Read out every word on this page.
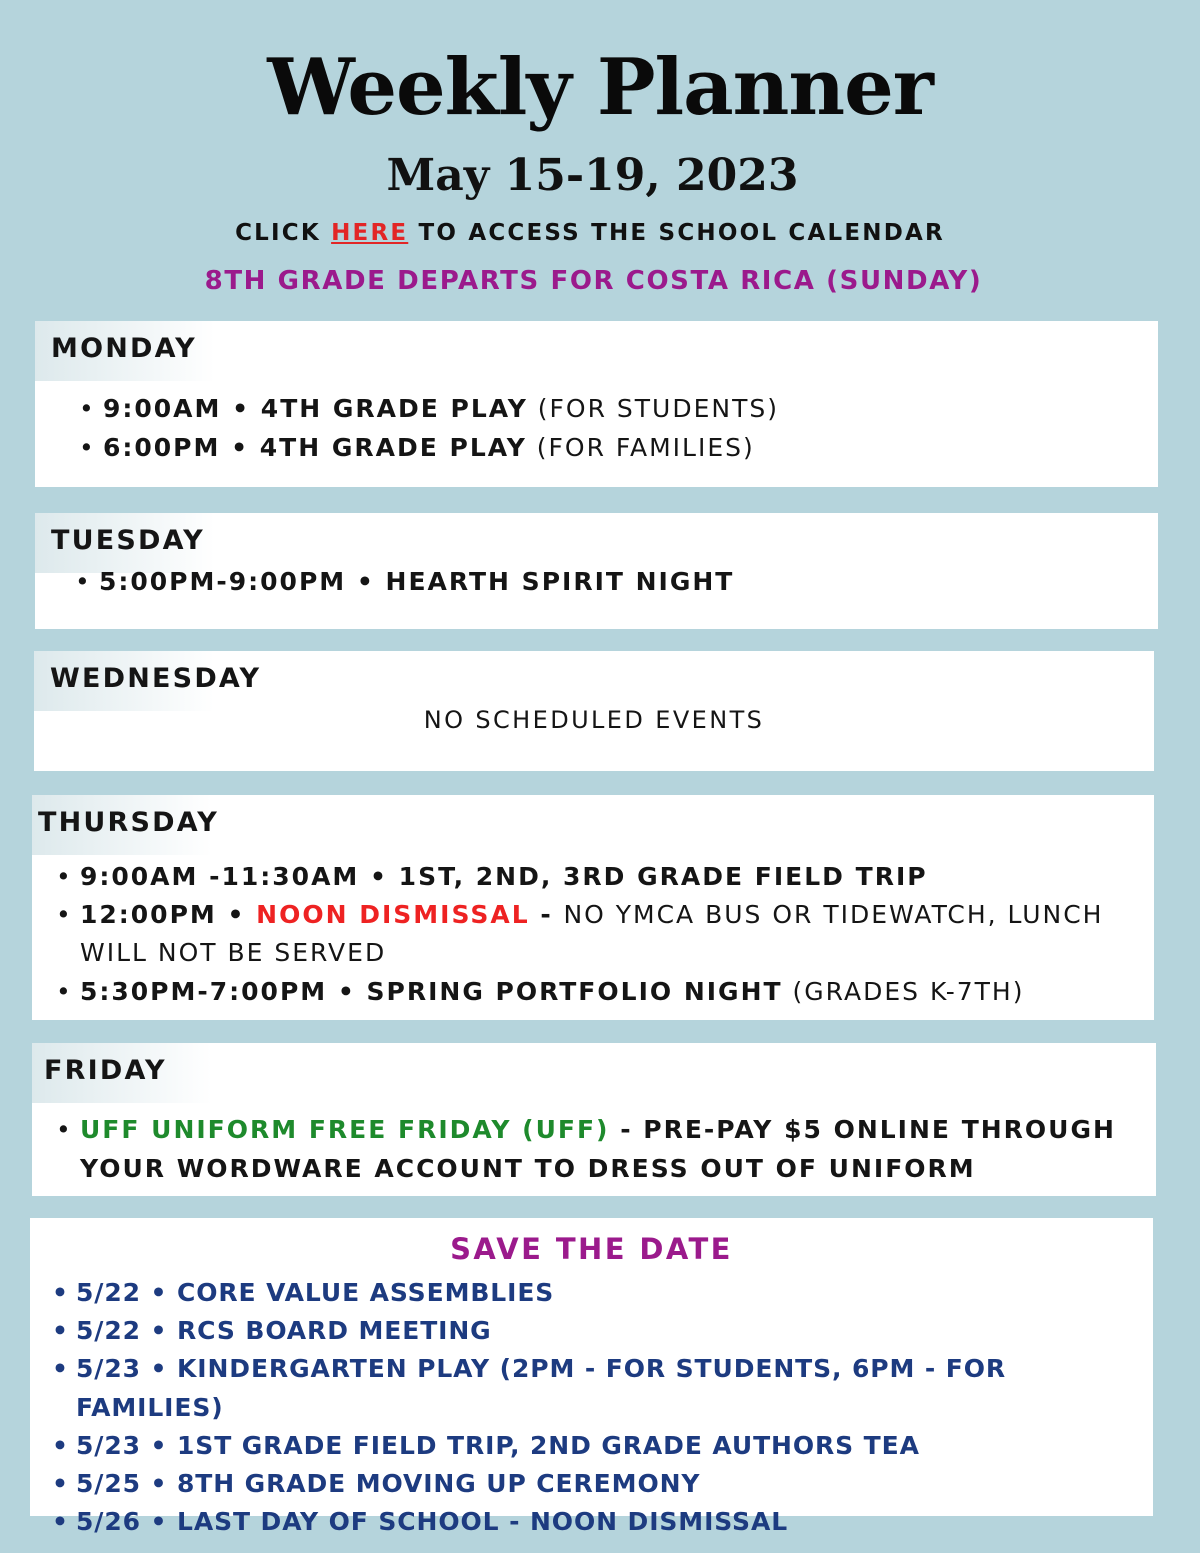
Weekly Planner
May 15-19, 2023
CLICK HERE TO ACCESS THE SCHOOL CALENDAR
8TH GRADE DEPARTS FOR COSTA RICA (SUNDAY)
MONDAY
• 9:00AM • 4TH GRADE PLAY (FOR STUDENTS)
• 6:00PM • 4TH GRADE PLAY (FOR FAMILIES)
TUESDAY
• 5:00PM-9:00PM • HEARTH SPIRIT NIGHT
WEDNESDAY
NO SCHEDULED EVENTS
THURSDAY
• 9:00AM -11:30AM • 1ST, 2ND, 3RD GRADE FIELD TRIP
• 12:00PM • NOON DISMISSAL - NO YMCA BUS OR TIDEWATCH, LUNCH WILL NOT BE SERVED
• 5:30PM-7:00PM • SPRING PORTFOLIO NIGHT (GRADES K-7TH)
FRIDAY
• UFF UNIFORM FREE FRIDAY (UFF) - PRE-PAY $5 ONLINE THROUGH YOUR WORDWARE ACCOUNT TO DRESS OUT OF UNIFORM
SAVE THE DATE
• 5/22 • CORE VALUE ASSEMBLIES
• 5/22 • RCS BOARD MEETING
• 5/23 • KINDERGARTEN PLAY (2PM - FOR STUDENTS, 6PM - FOR FAMILIES)
• 5/23 • 1ST GRADE FIELD TRIP, 2ND GRADE AUTHORS TEA
• 5/25 • 8TH GRADE MOVING UP CEREMONY
• 5/26 • LAST DAY OF SCHOOL - NOON DISMISSAL
